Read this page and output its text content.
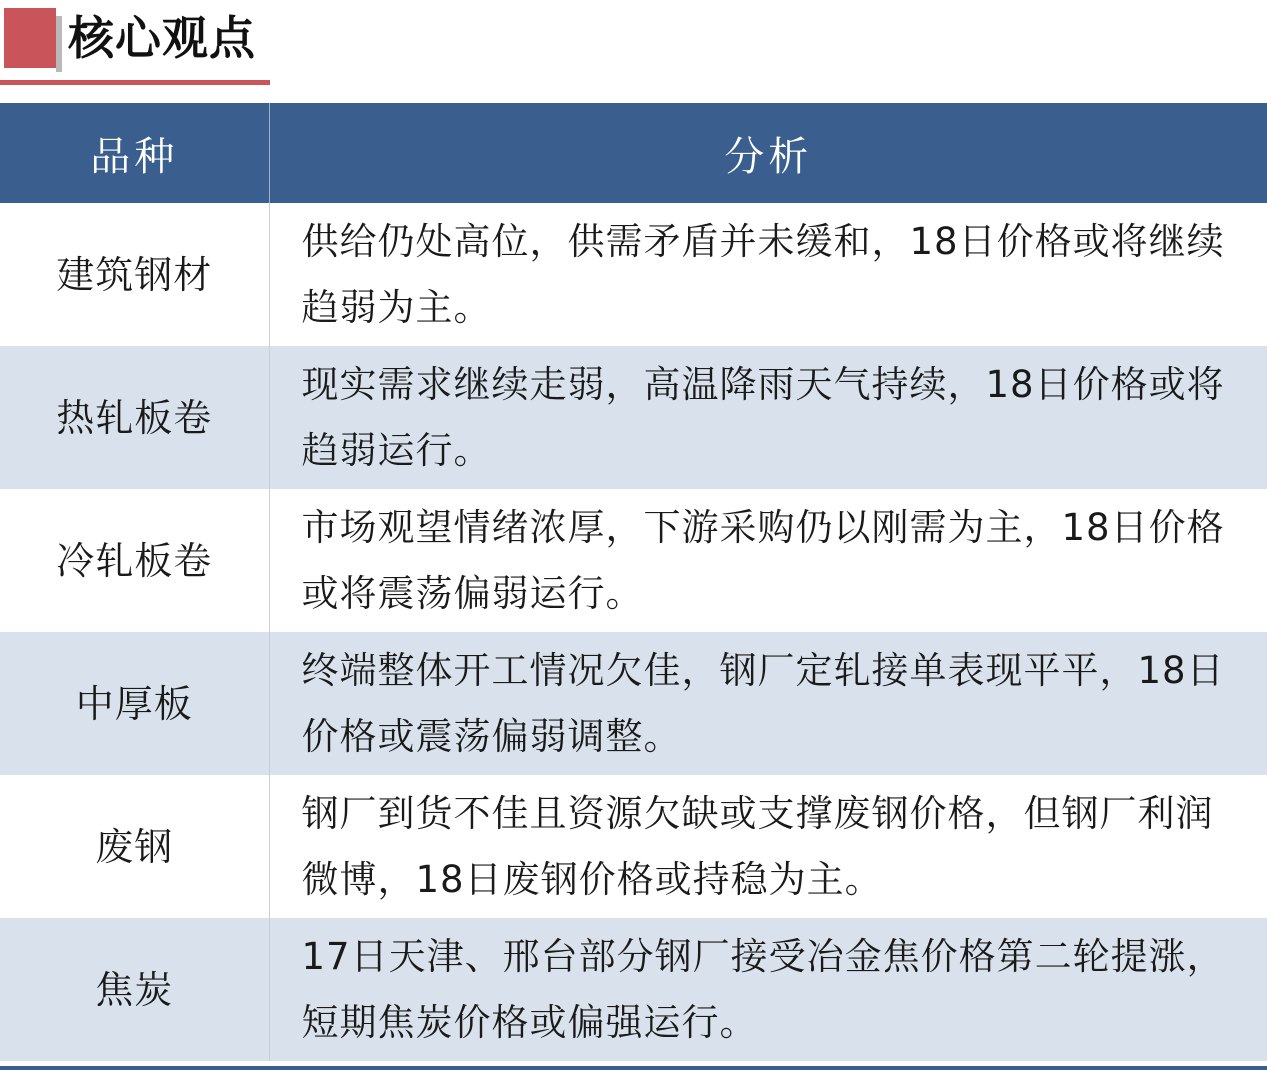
核心观点
品种	分析
建筑钢材	供给仍处高位，供需矛盾并未缓和，18日价格或将继续趋弱为主。
热轧板卷	现实需求继续走弱，高温降雨天气持续，18日价格或将趋弱运行。
冷轧板卷	市场观望情绪浓厚，下游采购仍以刚需为主，18日价格或将震荡偏弱运行。
中厚板	终端整体开工情况欠佳，钢厂定轧接单表现平平，18日价格或震荡偏弱调整。
废钢	钢厂到货不佳且资源欠缺或支撑废钢价格，但钢厂利润微博，18日废钢价格或持稳为主。
焦炭	17日天津、邢台部分钢厂接受冶金焦价格第二轮提涨，短期焦炭价格或偏强运行。
